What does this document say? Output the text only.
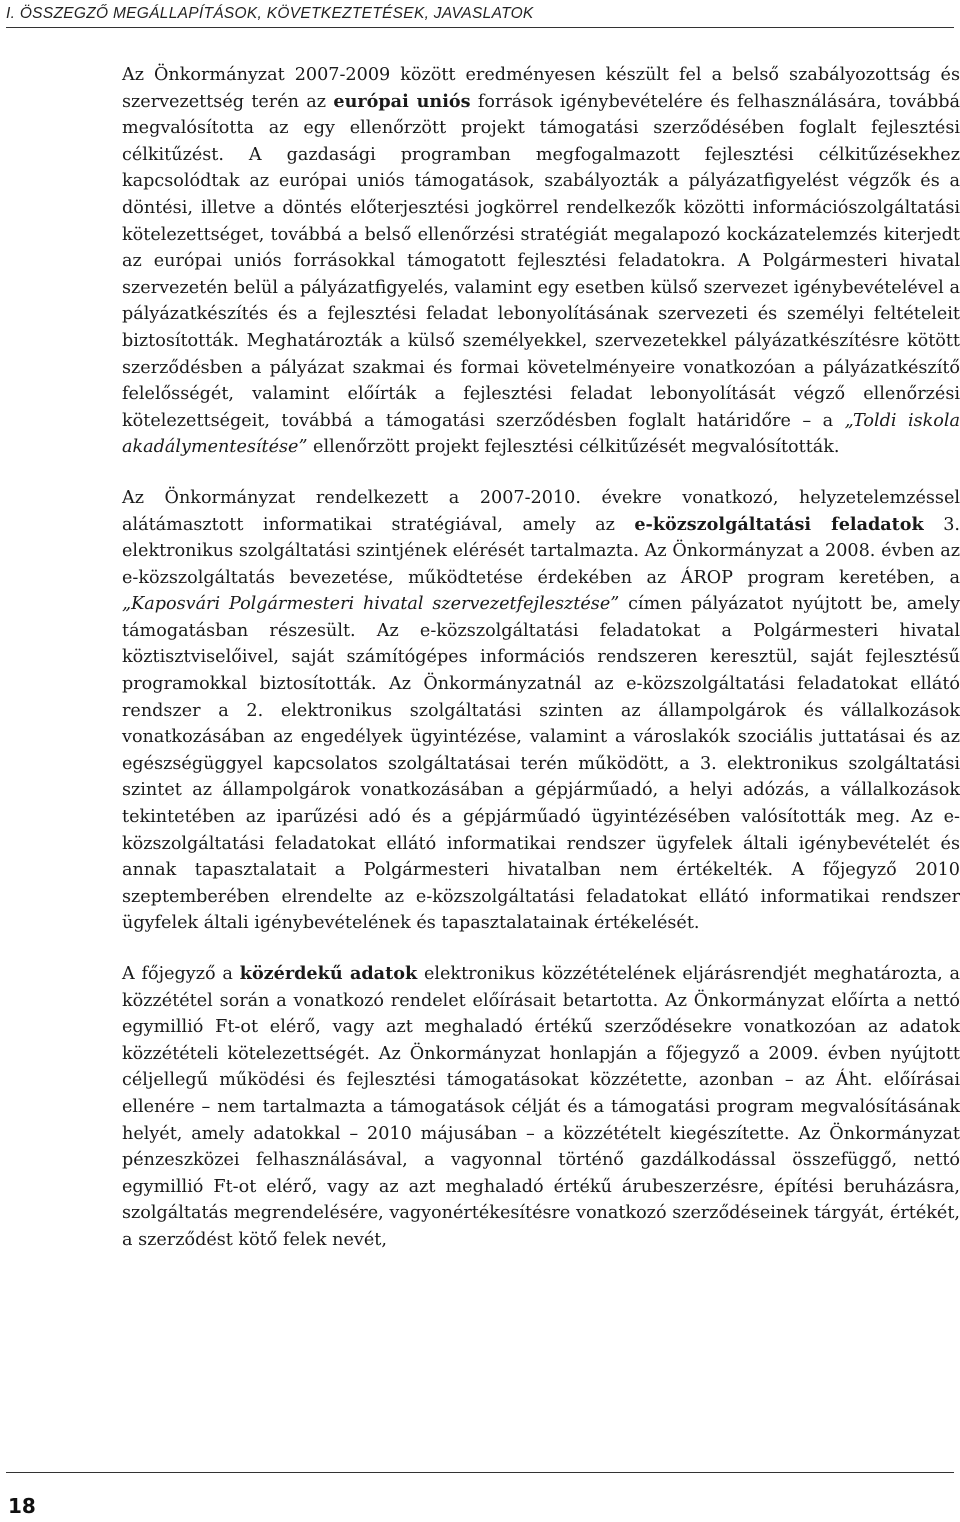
I. ÖSSZEGZŐ MEGÁLLAPÍTÁSOK, KÖVETKEZTETÉSEK, JAVASLATOK

Az Önkormányzat 2007-2009 között eredményesen készült fel a belső szabályozottság és szervezettség terén az európai uniós források igénybevételére és felhasználására, továbbá megvalósította az egy ellenőrzött projekt támogatási szerződésében foglalt fejlesztési célkitűzést. A gazdasági programban megfogalmazott fejlesztési célkitűzésekhez kapcsolódtak az európai uniós támogatások, szabályozták a pályázatfigyelést végzők és a döntési, illetve a döntés előterjesztési jogkörrel rendelkezők közötti információszolgáltatási kötelezettséget, továbbá a belső ellenőrzési stratégiát megalapozó kockázatelemzés kiterjedt az európai uniós forrásokkal támogatott fejlesztési feladatokra. A Polgármesteri hivatal szervezetén belül a pályázatfigyelés, valamint egy esetben külső szervezet igénybevételével a pályázatkészítés és a fejlesztési feladat lebonyolításának szervezeti és személyi feltételeit biztosították. Meghatározták a külső személyekkel, szervezetekkel pályázatkészítésre kötött szerződésben a pályázat szakmai és formai követelményeire vonatkozóan a pályázatkészítő felelősségét, valamint előírták a fejlesztési feladat lebonyolítását végző ellenőrzési kötelezettségeit, továbbá a támogatási szerződésben foglalt határidőre – a „Toldi iskola akadálymentesítése” ellenőrzött projekt fejlesztési célkitűzését megvalósították.

Az Önkormányzat rendelkezett a 2007-2010. évekre vonatkozó, helyzetelemzéssel alátámasztott informatikai stratégiával, amely az e-közszolgáltatási feladatok 3. elektronikus szolgáltatási szintjének elérését tartalmazta. Az Önkormányzat a 2008. évben az e-közszolgáltatás bevezetése, működtetése érdekében az ÁROP program keretében, a „Kaposvári Polgármesteri hivatal szervezetfejlesztése” címen pályázatot nyújtott be, amely támogatásban részesült. Az e-közszolgáltatási feladatokat a Polgármesteri hivatal köztisztviselőivel, saját számítógépes információs rendszeren keresztül, saját fejlesztésű programokkal biztosították. Az Önkormányzatnál az e-közszolgáltatási feladatokat ellátó rendszer a 2. elektronikus szolgáltatási szinten az állampolgárok és vállalkozások vonatkozásában az engedélyek ügyintézése, valamint a városlakók szociális juttatásai és az egészségüggyel kapcsolatos szolgáltatásai terén működött, a 3. elektronikus szolgáltatási szintet az állampolgárok vonatkozásában a gépjárműadó, a helyi adózás, a vállalkozások tekintetében az iparűzési adó és a gépjárműadó ügyintézésében valósították meg. Az e-közszolgáltatási feladatokat ellátó informatikai rendszer ügyfelek általi igénybevételét és annak tapasztalatait a Polgármesteri hivatalban nem értékelték. A főjegyző 2010 szeptemberében elrendelte az e-közszolgáltatási feladatokat ellátó informatikai rendszer ügyfelek általi igénybevételének és tapasztalatainak értékelését.

A főjegyző a közérdekű adatok elektronikus közzétételének eljárásrendjét meghatározta, a közzététel során a vonatkozó rendelet előírásait betartotta. Az Önkormányzat előírta a nettó egymillió Ft-ot elérő, vagy azt meghaladó értékű szerződésekre vonatkozóan az adatok közzétételi kötelezettségét. Az Önkormányzat honlapján a főjegyző a 2009. évben nyújtott céljellegű működési és fejlesztési támogatásokat közzétette, azonban – az Áht. előírásai ellenére – nem tartalmazta a támogatások célját és a támogatási program megvalósításának helyét, amely adatokkal – 2010 májusában – a közzétételt kiegészítette. Az Önkormányzat pénzeszközei felhasználásával, a vagyonnal történő gazdálkodással összefüggő, nettó egymillió Ft-ot elérő, vagy az azt meghaladó értékű árubeszerzésre, építési beruházásra, szolgáltatás megrendelésére, vagyonértékesítésre vonatkozó szerződéseinek tárgyát, értékét, a szerződést kötő felek nevét,

18
